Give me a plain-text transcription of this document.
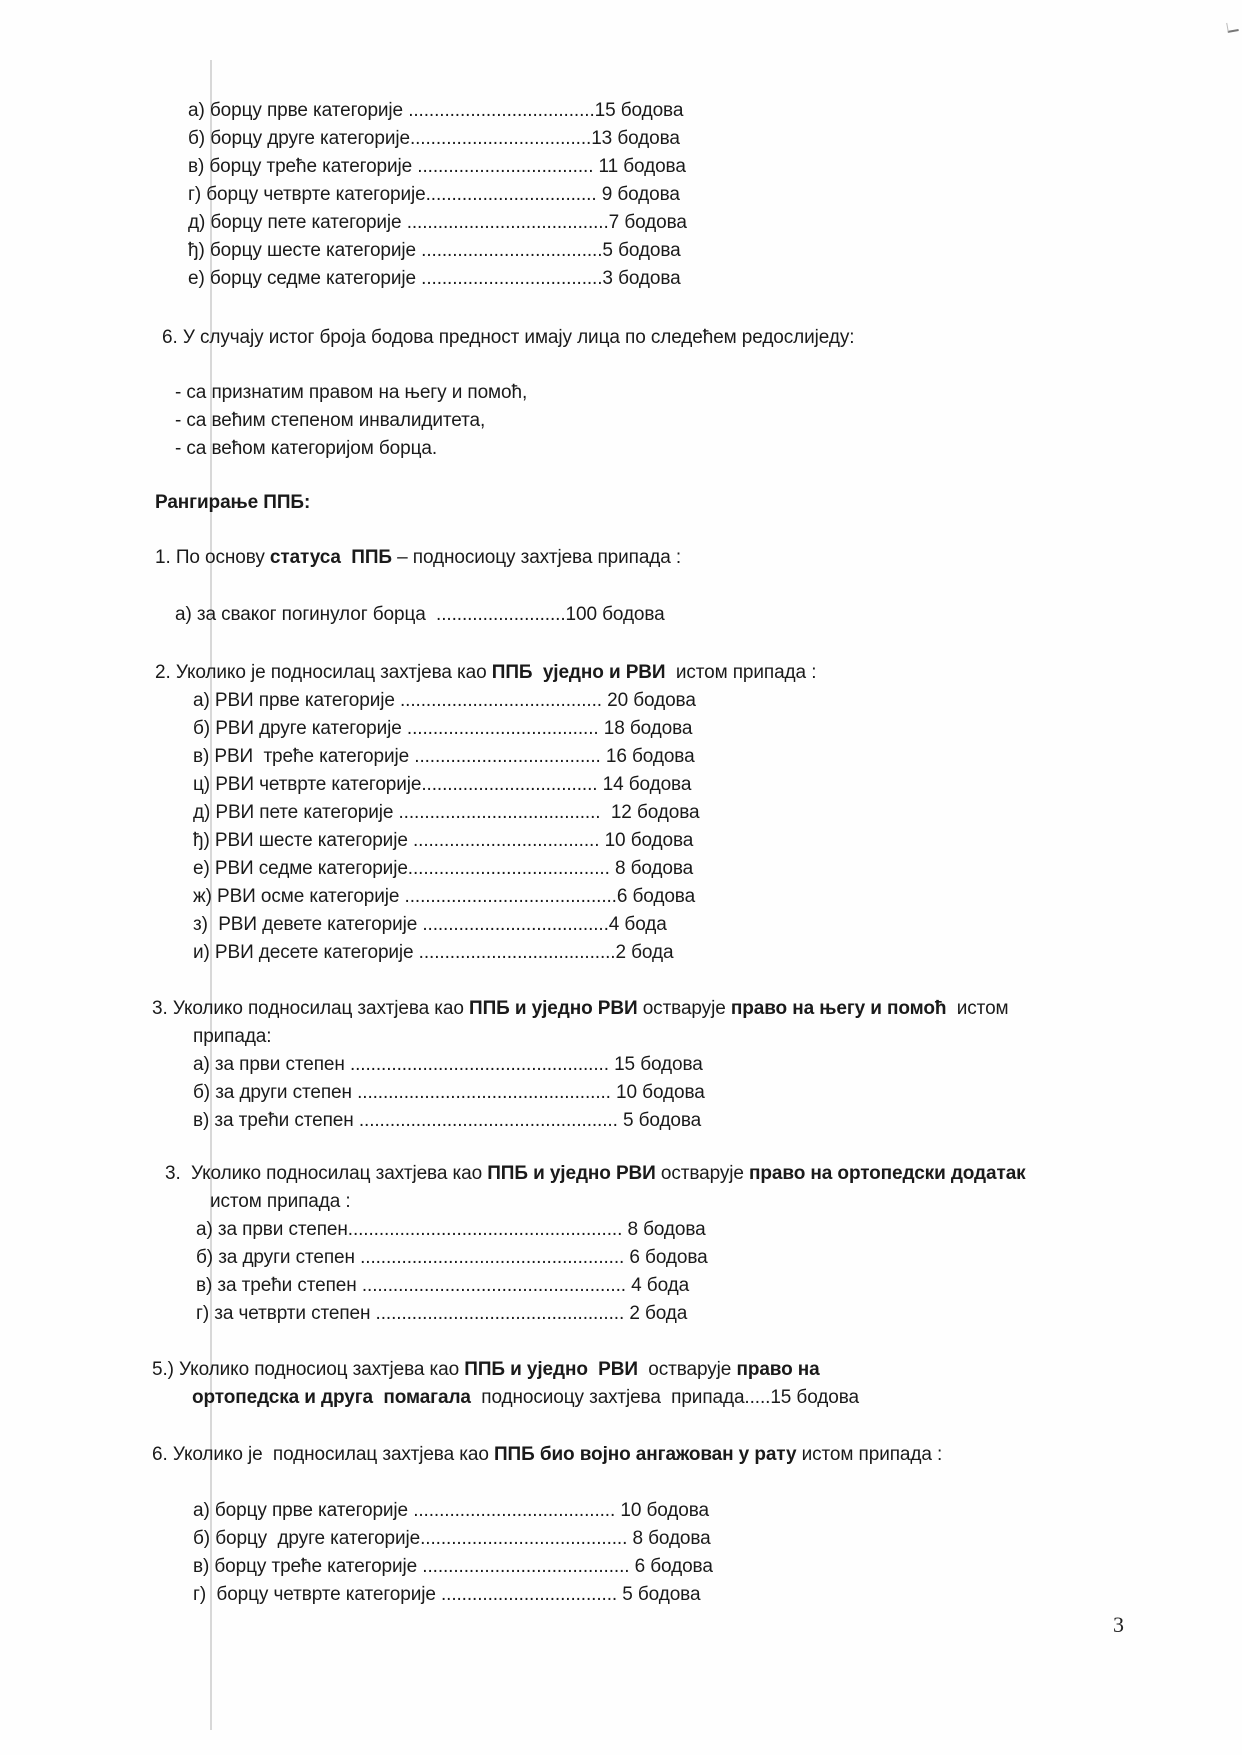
а) борцу прве категорије ....................................15 бодова
б) борцу друге категорије...................................13 бодова
в) борцу треће категорије .................................. 11 бодова
г) борцу четврте категорије................................. 9 бодова
д) борцу пете категорије .......................................7 бодова
ђ) борцу шесте категорије ...................................5 бодова
е) борцу седме категорије ...................................3 бодова
6. У случају истог броја бодова предност имају лица по следећем редослиједу:
- са признатим правом на његу и помоћ,
- са већим степеном инвалидитета,
- са већом категоријом борца.
Рангирање ППБ:
1. По основу статуса  ППБ – подносиоцу захтјева припада :
а) за сваког погинулог борца  .........................100 бодова
2. Уколико је подносилац захтјева као ППБ  уједно и РВИ  истом припада :
а) РВИ прве категорије ....................................... 20 бодова
б) РВИ друге категорије ..................................... 18 бодова
в) РВИ  треће категорије .................................... 16 бодова
ц) РВИ четврте категорије.................................. 14 бодова
д) РВИ пете категорије .......................................  12 бодова
ђ) РВИ шесте категорије .................................... 10 бодова
е) РВИ седме категорије....................................... 8 бодова
ж) РВИ осме категорије .........................................6 бодова
з)  РВИ девете категорије ....................................4 бода
и) РВИ десете категорије ......................................2 бода
3. Уколико подносилац захтјева као ППБ и уједно РВИ остварује право на његу и помоћ  истом
припада:
а) за први степен .................................................. 15 бодова
б) за други степен ................................................. 10 бодова
в) за трећи степен .................................................. 5 бодова
3. Уколико подносилац захтјева као ППБ и уједно РВИ остварује право на ортопедски додатак
истом припада :
а) за први степен..................................................... 8 бодова
б) за други степен ................................................... 6 бодова
в) за трећи степен ................................................... 4 бода
г) за четврти степен ................................................ 2 бода
5.) Уколико подносиоц захтјева као ППБ и уједно  РВИ  остварује право на
ортопедска и друга  помагала  подносиоцу захтјева  припада.....15 бодова
6. Уколико је  подносилац захтјева као ППБ био војно ангажован у рату истом припада :
а) борцу прве категорије ....................................... 10 бодова
б) борцу  друге категорије........................................ 8 бодова
в) борцу треће категорије ........................................ 6 бодова
г)  борцу четврте категорије .................................. 5 бодова
3
